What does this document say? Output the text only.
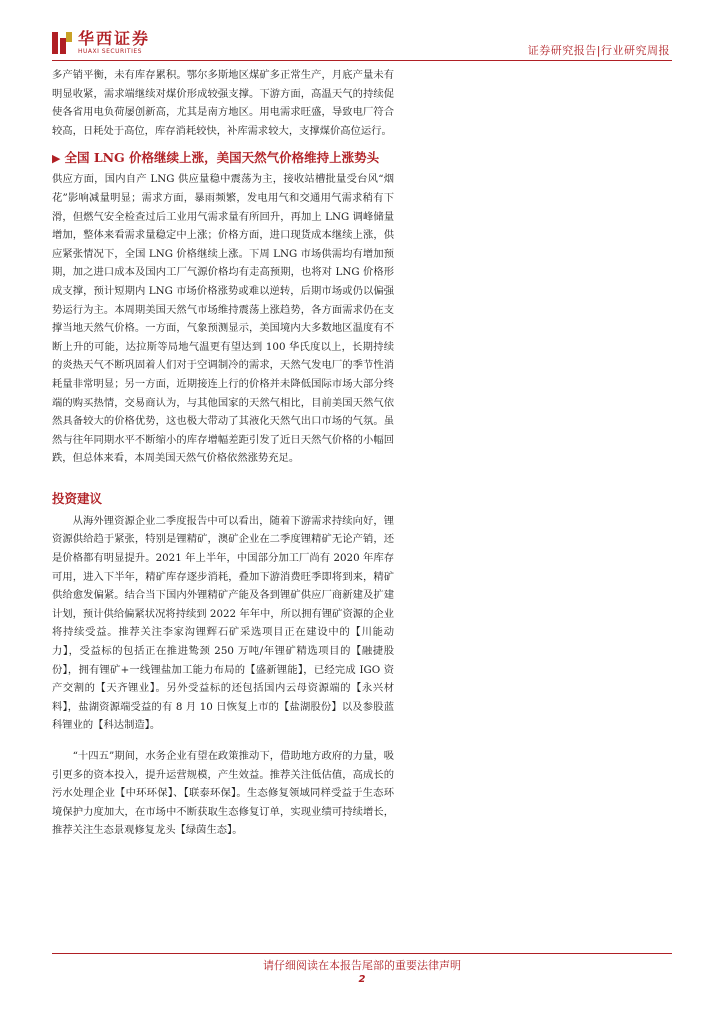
华西证券
HUAXI SECURITIES	证券研究报告|行业研究周报

多产销平衡，未有库存累积。鄂尔多斯地区煤矿多正常生产，月底产量未有明显收紧，需求端继续对煤价形成较强支撑。下游方面，高温天气的持续促使各省用电负荷屡创新高，尤其是南方地区。用电需求旺盛，导致电厂符合较高，日耗处于高位，库存消耗较快，补库需求较大，支撑煤价高位运行。

▶ 全国 LNG 价格继续上涨，美国天然气价格维持上涨势头

供应方面，国内自产 LNG 供应量稳中震荡为主，接收站槽批量受台风“烟花”影响减量明显；需求方面，暴雨频繁，发电用气和交通用气需求稍有下滑，但燃气安全检查过后工业用气需求量有所回升，再加上 LNG 调峰储量增加，整体来看需求量稳定中上涨；价格方面，进口现货成本继续上涨，供应紧张情况下，全国 LNG 价格继续上涨。下周 LNG 市场供需均有增加预期，加之进口成本及国内工厂气源价格均有走高预期，也将对 LNG 价格形成支撑，预计短期内 LNG 市场价格涨势或难以逆转，后期市场或仍以偏强势运行为主。本周期美国天然气市场维持震荡上涨趋势，各方面需求仍在支撑当地天然气价格。一方面，气象预测显示，美国境内大多数地区温度有不断上升的可能，达拉斯等局地气温更有望达到 100 华氏度以上，长期持续的炎热天气不断巩固着人们对于空调制冷的需求，天然气发电厂的季节性消耗量非常明显；另一方面，近期接连上行的价格并未降低国际市场大部分终端的购买热情，交易商认为，与其他国家的天然气相比，目前美国天然气依然具备较大的价格优势，这也极大带动了其液化天然气出口市场的气氛。虽然与往年同期水平不断缩小的库存增幅差距引发了近日天然气价格的小幅回跌，但总体来看，本周美国天然气价格依然涨势充足。

投资建议

从海外锂资源企业二季度报告中可以看出，随着下游需求持续向好，锂资源供给趋于紧张，特别是锂精矿，澳矿企业在二季度锂精矿无论产销，还是价格都有明显提升。2021 年上半年，中国部分加工厂尚有 2020 年库存可用，进入下半年，精矿库存逐步消耗，叠加下游消费旺季即将到来，精矿供给愈发偏紧。结合当下国内外锂精矿产能及各到锂矿供应厂商新建及扩建计划，预计供给偏紧状况将持续到 2022 年年中，所以拥有锂矿资源的企业将持续受益。推荐关注李家沟锂辉石矿采选项目正在建设中的【川能动力】，受益标的包括正在推进鸷颈 250 万吨/年锂矿精选项目的【融捷股份】，拥有锂矿+一线锂盐加工能力布局的【盛新锂能】，已经完成 IGO 资产交割的【天齐锂业】。另外受益标的还包括国内云母资源端的【永兴材料】，盐湖资源端受益的有 8 月 10 日恢复上市的【盐湖股份】以及参股蓝科锂业的【科达制造】。

“十四五”期间，水务企业有望在政策推动下，借助地方政府的力量，吸引更多的资本投入，提升运营规模，产生效益。推荐关注低估值，高成长的污水处理企业【中环环保】、【联泰环保】。生态修复领域同样受益于生态环境保护力度加大，在市场中不断获取生态修复订单，实现业绩可持续增长，推荐关注生态景观修复龙头【绿茵生态】。

请仔细阅读在本报告尾部的重要法律声明
2
